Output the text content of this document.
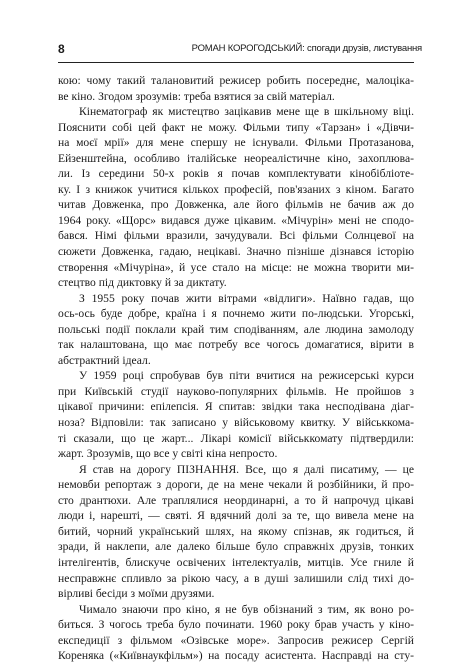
8	РОМАН КОРОГОДСЬКИЙ: спогади друзів, листування
кою: чому такий талановитий режисер робить посереднє, малоцікa-
ве кіно. Згодом зрозумів: треба взятися за свій матеріал.
Кінематограф як мистецтво зацікавив мене ще в шкільному віці.
Пояснити собі цей факт не можу. Фільми типу «Тарзан» і «Дівчи-
на моєї мрії» для мене спершу не існували. Фільми Протазанова,
Ейзенштейна, особливо італійське неореалістичне кіно, захоплюва-
ли. Із середини 50-х років я почав комплектувати кінобібліоте-
ку. І з книжок учитися кількох професій, пов'язаних з кіном. Багато
читав Довженка, про Довженка, але його фільмів не бачив аж до
1964 року. «Щорс» видався дуже цікавим. «Мічурін» мені не сподо-
бався. Німі фільми вразили, зачудували. Всі фільми Солнцевої на
сюжети Довженка, гадаю, нецікаві. Значно пізніше дізнався історію
створення «Мічуріна», й усе стало на місце: не можна творити ми-
стецтво під диктовку й за диктату.
З 1955 року почав жити вітрами «відлиги». Наївно гадав, що
ось-ось буде добре, країна і я почнемо жити по-людськи. Угорські,
польські події поклали край тим сподіванням, але людина замолоду
так налаштована, що має потребу все чогось домагатися, вірити в
абстрактний ідеал.
У 1959 році спробував був піти вчитися на режисерські курси
при Київській студії науково-популярних фільмів. Не пройшов з
цікавої причини: епілепсія. Я спитав: звідки така несподівана діаг-
ноза? Відповіли: так записано у військовому квитку. У військкома-
ті сказали, що це жарт... Лікарі комісії військкомату підтвердили:
жарт. Зрозумів, що все у світі кіна непросто.
Я став на дорогу ПІЗНАННЯ. Все, що я далі писатиму, — це
немовби репортаж з дороги, де на мене чекали й розбійники, й про-
сто дрантюхи. Але траплялися неординарні, а то й напрочуд цікаві
люди і, нарешті, — святі. Я вдячний долі за те, що вивела мене на
битий, чорний український шлях, на якому спізнав, як годиться, й
зради, й наклепи, але далеко більше було справжніх друзів, тонких
інтелігентів, блискуче освічених інтелектуалів, митців. Усе гниле й
несправжнє спливло за рікою часу, а в душі залишили слід тихі до-
вірливі бесіди з моїми друзями.
Чимало знаючи про кіно, я не був обізнаний з тим, як воно ро-
биться. З чогось треба було починати. 1960 року брав участь у кіно-
експедиції з фільмом «Озівське море». Запросив режисер Сергій
Кореняка («Київнаукфільм») на посаду асистента. Насправді на сту-
